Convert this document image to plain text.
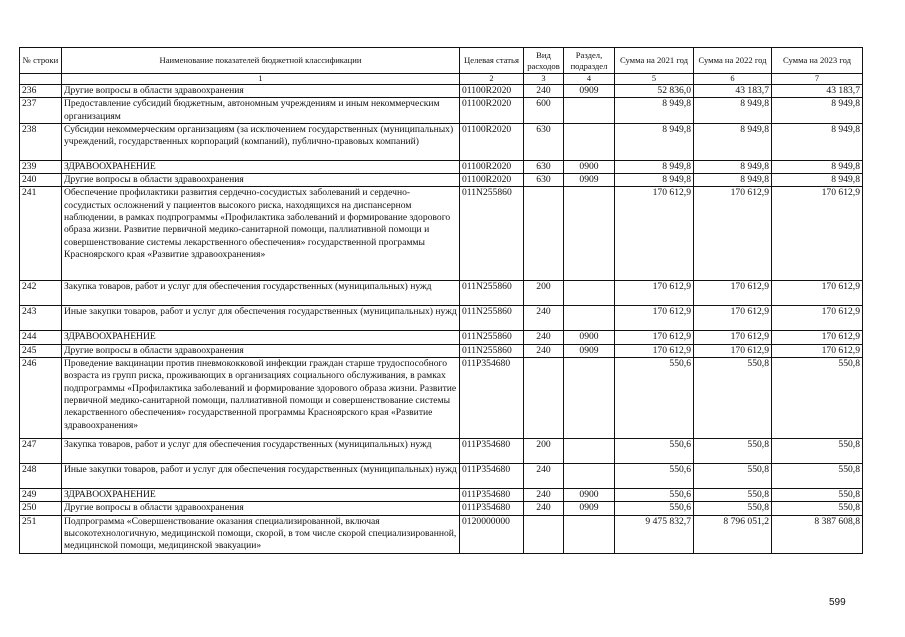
№ строки	Наименование показателей бюджетной классификации	Целевая статья	Вид расходов	Раздел, подраздел	Сумма на 2021 год	Сумма на 2022 год	Сумма на 2023 год
	1	2	3	4	5	6	7
236	Другие вопросы в области здравоохранения	01100R2020	240	0909	52 836,0	43 183,7	43 183,7
237	Предоставление субсидий бюджетным, автономным учреждениям и иным некоммерческим организациям	01100R2020	600		8 949,8	8 949,8	8 949,8
238	Субсидии некоммерческим организациям (за исключением государственных (муниципальных) учреждений, государственных корпораций (компаний), публично-правовых компаний)	01100R2020	630		8 949,8	8 949,8	8 949,8
239	ЗДРАВООХРАНЕНИЕ	01100R2020	630	0900	8 949,8	8 949,8	8 949,8
240	Другие вопросы в области здравоохранения	01100R2020	630	0909	8 949,8	8 949,8	8 949,8
241	Обеспечение профилактики развития сердечно-сосудистых заболеваний и сердечно-сосудистых осложнений у пациентов высокого риска, находящихся на диспансерном наблюдении, в рамках подпрограммы «Профилактика заболеваний и формирование здорового образа жизни. Развитие первичной медико-санитарной помощи, паллиативной помощи и совершенствование системы лекарственного обеспечения» государственной программы Красноярского края «Развитие здравоохранения»	011N255860			170 612,9	170 612,9	170 612,9
242	Закупка товаров, работ и услуг для обеспечения государственных (муниципальных) нужд	011N255860	200		170 612,9	170 612,9	170 612,9
243	Иные закупки товаров, работ и услуг для обеспечения государственных (муниципальных) нужд	011N255860	240		170 612,9	170 612,9	170 612,9
244	ЗДРАВООХРАНЕНИЕ	011N255860	240	0900	170 612,9	170 612,9	170 612,9
245	Другие вопросы в области здравоохранения	011N255860	240	0909	170 612,9	170 612,9	170 612,9
246	Проведение вакцинации против пневмококковой инфекции граждан старше трудоспособного возраста из групп риска, проживающих в организациях социального обслуживания, в рамках подпрограммы «Профилактика заболеваний и формирование здорового образа жизни. Развитие первичной медико-санитарной помощи, паллиативной помощи и совершенствование системы лекарственного обеспечения» государственной программы Красноярского края «Развитие здравоохранения»	011P354680			550,6	550,8	550,8
247	Закупка товаров, работ и услуг для обеспечения государственных (муниципальных) нужд	011P354680	200		550,6	550,8	550,8
248	Иные закупки товаров, работ и услуг для обеспечения государственных (муниципальных) нужд	011P354680	240		550,6	550,8	550,8
249	ЗДРАВООХРАНЕНИЕ	011P354680	240	0900	550,6	550,8	550,8
250	Другие вопросы в области здравоохранения	011P354680	240	0909	550,6	550,8	550,8
251	Подпрограмма «Совершенствование оказания специализированной, включая высокотехнологичную, медицинской помощи, скорой, в том числе скорой специализированной, медицинской помощи, медицинской эвакуации»	0120000000			9 475 832,7	8 796 051,2	8 387 608,8
599
